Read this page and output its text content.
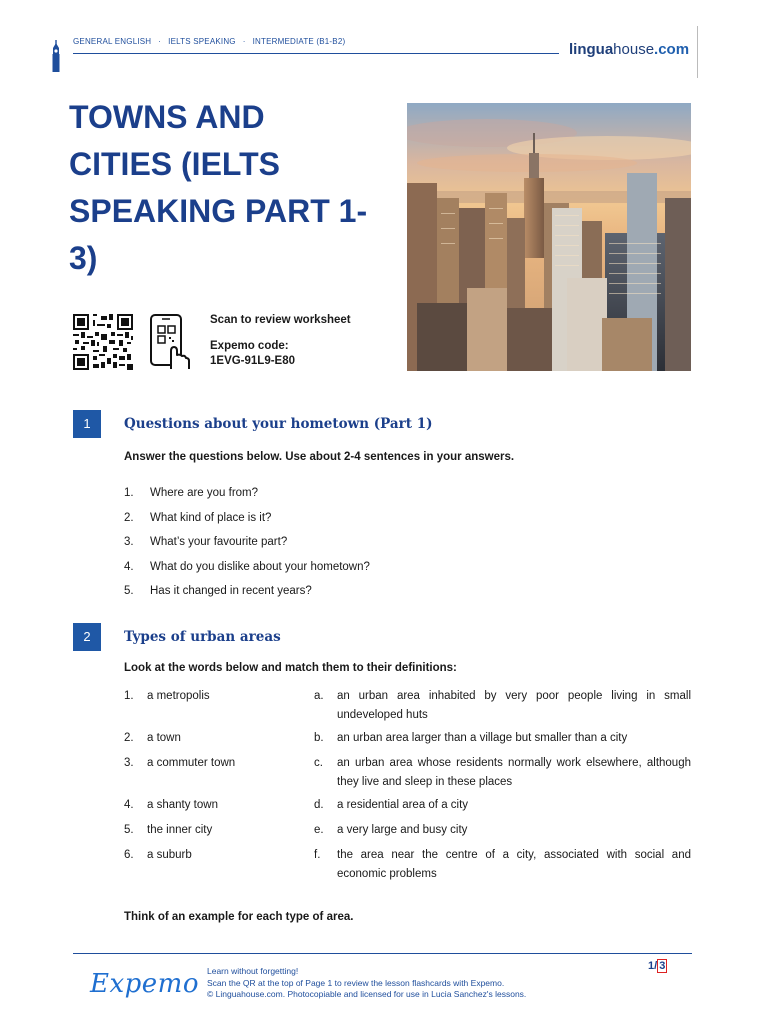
GENERAL ENGLISH · IELTS SPEAKING · INTERMEDIATE (B1-B2)	linguahouse.com
TOWNS AND CITIES (IELTS SPEAKING PART 1-3)
Scan to review worksheet
Expemo code:
1EVG-91L9-E80
1	Questions about your hometown (Part 1)
Answer the questions below. Use about 2-4 sentences in your answers.
1. Where are you from?
2. What kind of place is it?
3. What’s your favourite part?
4. What do you dislike about your hometown?
5. Has it changed in recent years?
2	Types of urban areas
Look at the words below and match them to their definitions:
1.	a metropolis	a.	an urban area inhabited by very poor people living in small undeveloped huts
2.	a town	b.	an urban area larger than a village but smaller than a city
3.	a commuter town	c.	an urban area whose residents normally work elsewhere, although they live and sleep in these places
4.	a shanty town	d.	a residential area of a city
5.	the inner city	e.	a very large and busy city
6.	a suburb	f.	the area near the centre of a city, associated with social and economic problems
Think of an example for each type of area.
Expemo Learn without forgetting!
Scan the QR at the top of Page 1 to review the lesson flashcards with Expemo.
© Linguahouse.com. Photocopiable and licensed for use in Lucia Sanchez's lessons.
1/ 3
